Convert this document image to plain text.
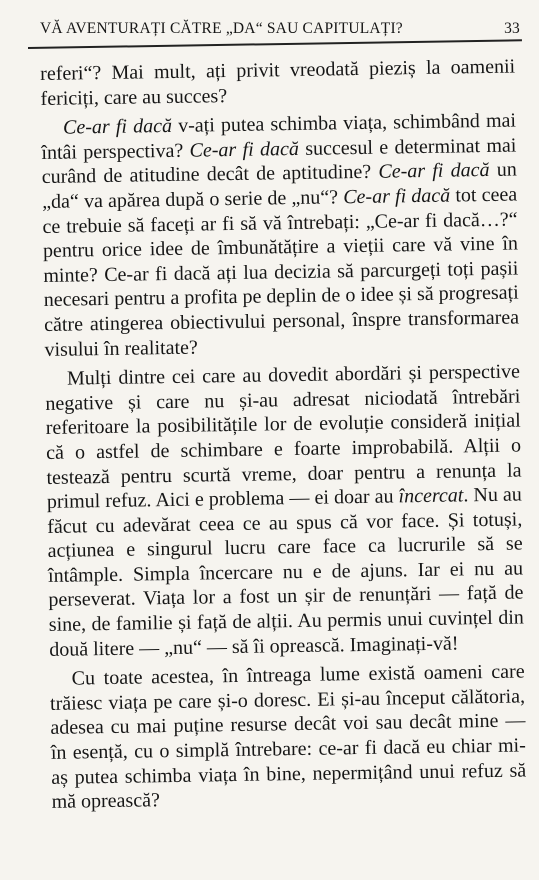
VĂ AVENTURAȚI CĂTRE „DA“ SAU CAPITULAȚI?	33

referi“? Mai mult, ați privit vreodată pieziș la oamenii fericiți, care au succes?

Ce-ar fi dacă v-ați putea schimba viața, schimbând mai întâi perspectiva? Ce-ar fi dacă succesul e determinat mai curând de atitudine decât de aptitudine? Ce-ar fi dacă un „da“ va apărea după o serie de „nu“? Ce-ar fi dacă tot ceea ce trebuie să faceți ar fi să vă întrebați: „Ce-ar fi dacă…?“ pentru orice idee de îmbunătățire a vieții care vă vine în minte? Ce-ar fi dacă ați lua decizia să parcurgeți toți pașii necesari pentru a profita pe deplin de o idee și să progresați către atingerea obiectivului personal, înspre transformarea visului în realitate?

Mulți dintre cei care au dovedit abordări și perspective negative și care nu și-au adresat niciodată întrebări referitoare la posibilitățile lor de evoluție consideră inițial că o astfel de schimbare e foarte improbabilă. Alții o testează pentru scurtă vreme, doar pentru a renunța la primul refuz. Aici e problema — ei doar au încercat. Nu au făcut cu adevărat ceea ce au spus că vor face. Și totuși, acțiunea e singurul lucru care face ca lucrurile să se întâmple. Simpla încercare nu e de ajuns. Iar ei nu au perseverat. Viața lor a fost un șir de renunțări — față de sine, de familie și față de alții. Au permis unui cuvințel din două litere — „nu“ — să îi oprească. Imaginați-vă!

Cu toate acestea, în întreaga lume există oameni care trăiesc viața pe care și-o doresc. Ei și-au început călătoria, adesea cu mai puține resurse decât voi sau decât mine — în esență, cu o simplă întrebare: ce-ar fi dacă eu chiar mi-aș putea schimba viața în bine, nepermițând unui refuz să mă oprească?
